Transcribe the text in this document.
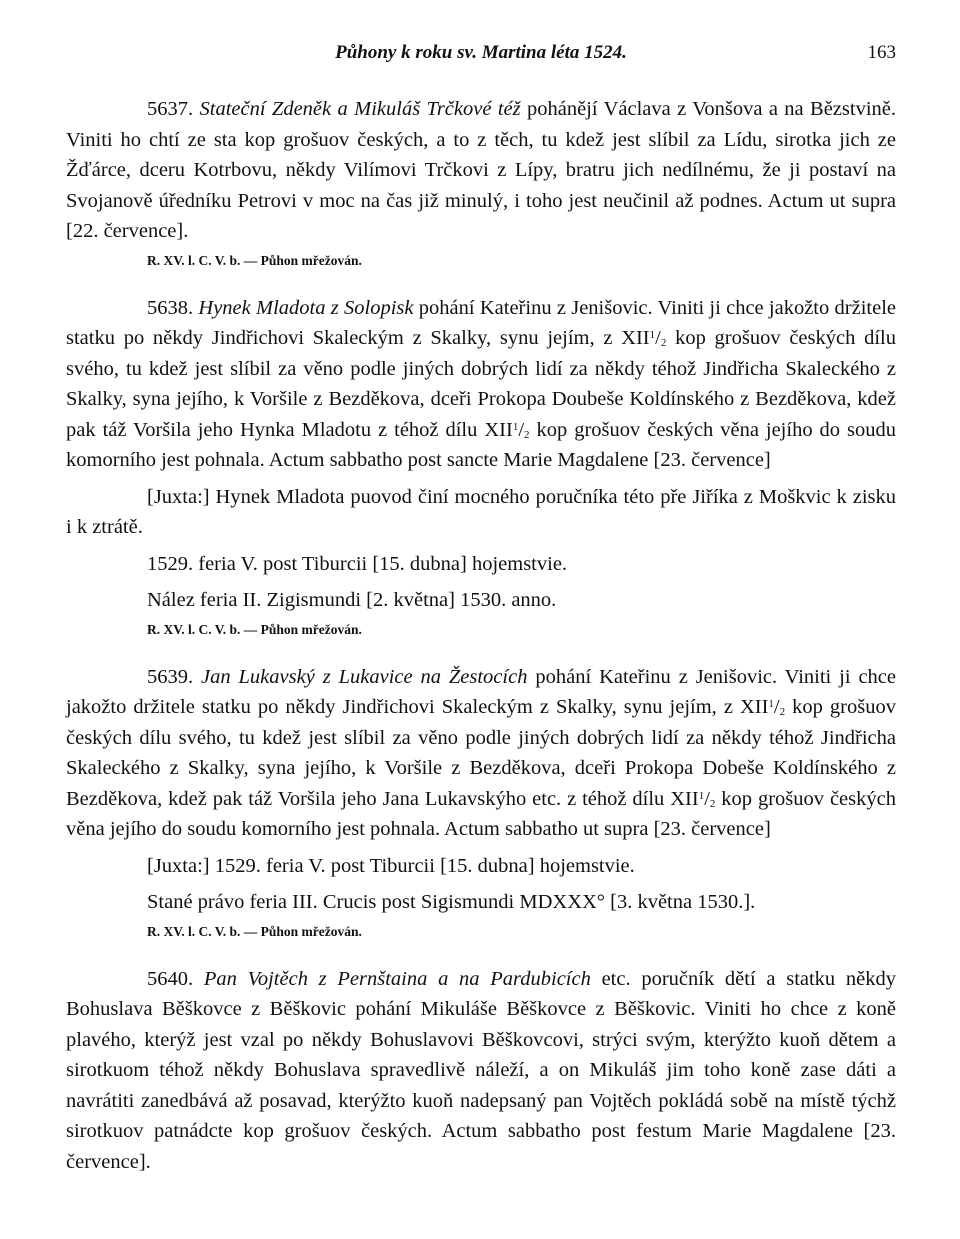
Půhony k roku sv. Martina léta 1524.	163

5637. Stateční Zdeněk a Mikuláš Trčkové též pohánějí Václava z Vonšova a na Bězstvině. Viniti ho chtí ze sta kop grošuov českých, a to z těch, tu kdež jest slíbil za Lídu, sirotka jich ze Žďárce, dceru Kotrbovu, někdy Vilímovi Trčkovi z Lípy, bratru jich nedílnému, že ji postaví na Svojanově úředníku Petrovi v moc na čas již minulý, i toho jest neučinil až podnes. Actum ut supra [22. července].

R. XV. l. C. V. b. — Půhon mřežován.

5638. Hynek Mladota z Solopisk pohání Kateřinu z Jenišovic. Viniti ji chce jakožto držitele statku po někdy Jindřichovi Skaleckým z Skalky, synu jejím, z $XII^1/_2$ kop grošuov českých dílu svého, tu kdež jest slíbil za věno podle jiných dobrých lidí za někdy téhož Jindřicha Skaleckého z Skalky, syna jejího, k Voršile z Bezděkova, dceři Prokopa Doubeše Koldínského z Bezděkova, kdež pak táž Voršila jeho Hynka Mladotu z téhož dílu $XII^1/_2$ kop grošuov českých věna jejího do soudu komorního jest pohnala. Actum sabbatho post sancte Marie Magdalene [23. července]

[Juxta:] Hynek Mladota puovod činí mocného poručníka této pře Jiříka z Moškvic k zisku i k ztrátě.

1529. feria V. post Tiburcii [15. dubna] hojemstvie.

Nález feria II. Zigismundi [2. května] 1530. anno.

R. XV. l. C. V. b. — Půhon mřežován.

5639. Jan Lukavský z Lukavice na Žestocích pohání Kateřinu z Jenišovic. Viniti ji chce jakožto držitele statku po někdy Jindřichovi Skaleckým z Skalky, synu jejím, z $XII^1/_2$ kop grošuov českých dílu svého, tu kdež jest slíbil za věno podle jiných dobrých lidí za někdy téhož Jindřicha Skaleckého z Skalky, syna jejího, k Voršile z Bezděkova, dceři Prokopa Dobeše Koldínského z Bezděkova, kdež pak táž Voršila jeho Jana Lukavskýho etc. z téhož dílu $XII^1/_2$ kop grošuov českých věna jejího do soudu komorního jest pohnala. Actum sabbatho ut supra [23. července]

[Juxta:] 1529. feria V. post Tiburcii [15. dubna] hojemstvie.

Stané právo feria III. Crucis post Sigismundi MDXXX° [3. května 1530.].

R. XV. l. C. V. b. — Půhon mřežován.

5640. Pan Vojtěch z Pernštaina a na Pardubicích etc. poručník dětí a statku někdy Bohuslava Běškovce z Běškovic pohání Mikuláše Běškovce z Běškovic. Viniti ho chce z koně plavého, kterýž jest vzal po někdy Bohuslavovi Běškovcovi, strýci svým, kterýžto kuoň dětem a sirotkuom téhož někdy Bohuslava spravedlivě náleží, a on Mikuláš jim toho koně zase dáti a navrátiti zanedbává až posavad, kterýžto kuoň nadepsaný pan Vojtěch pokládá sobě na místě týchž sirotkuov patnádcte kop grošuov českých. Actum sabbatho post festum Marie Magdalene [23. července].
